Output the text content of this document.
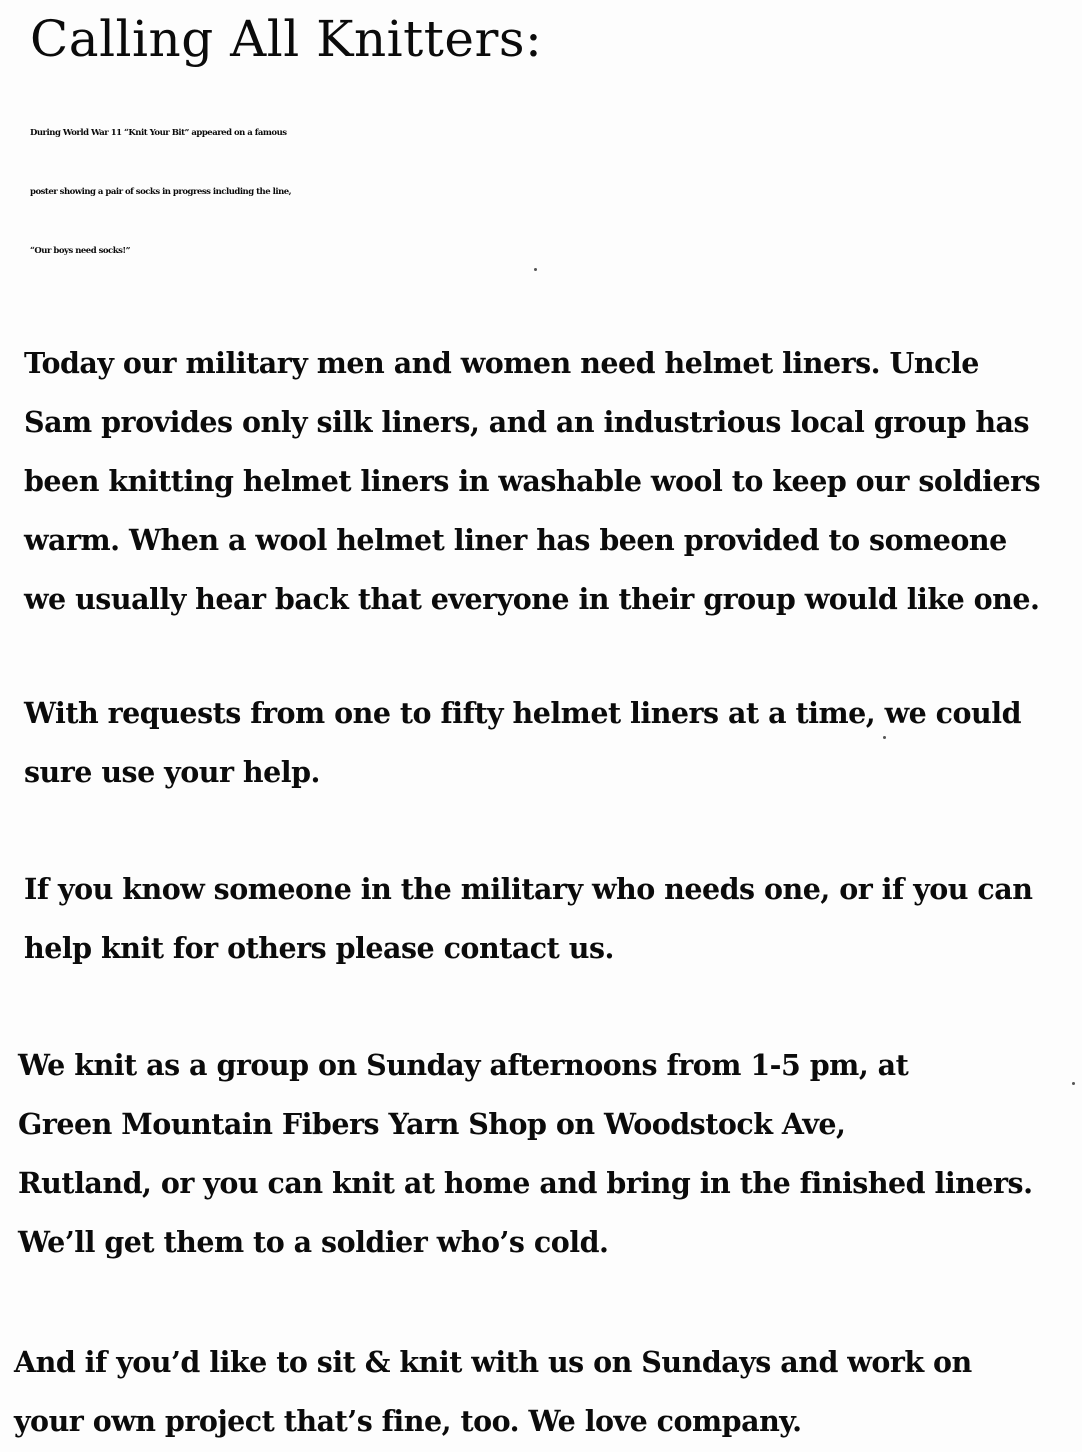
Calling All Knitters:

During World War 11 “Knit Your Bit” appeared on a famous
poster showing a pair of socks in progress including the line,
“Our boys need socks!”

Today our military men and women need helmet liners. Uncle
Sam provides only silk liners, and an industrious local group has
been knitting helmet liners in washable wool to keep our soldiers
warm. When a wool helmet liner has been provided to someone
we usually hear back that everyone in their group would like one.

With requests from one to fifty helmet liners at a time, we could
sure use your help.

If you know someone in the military who needs one, or if you can
help knit for others please contact us.

We knit as a group on Sunday afternoons from 1-5 pm, at
Green Mountain Fibers Yarn Shop on Woodstock Ave,
Rutland, or you can knit at home and bring in the finished liners.
We’ll get them to a soldier who’s cold.

And if you’d like to sit & knit with us on Sundays and work on
your own project that’s fine, too. We love company.
